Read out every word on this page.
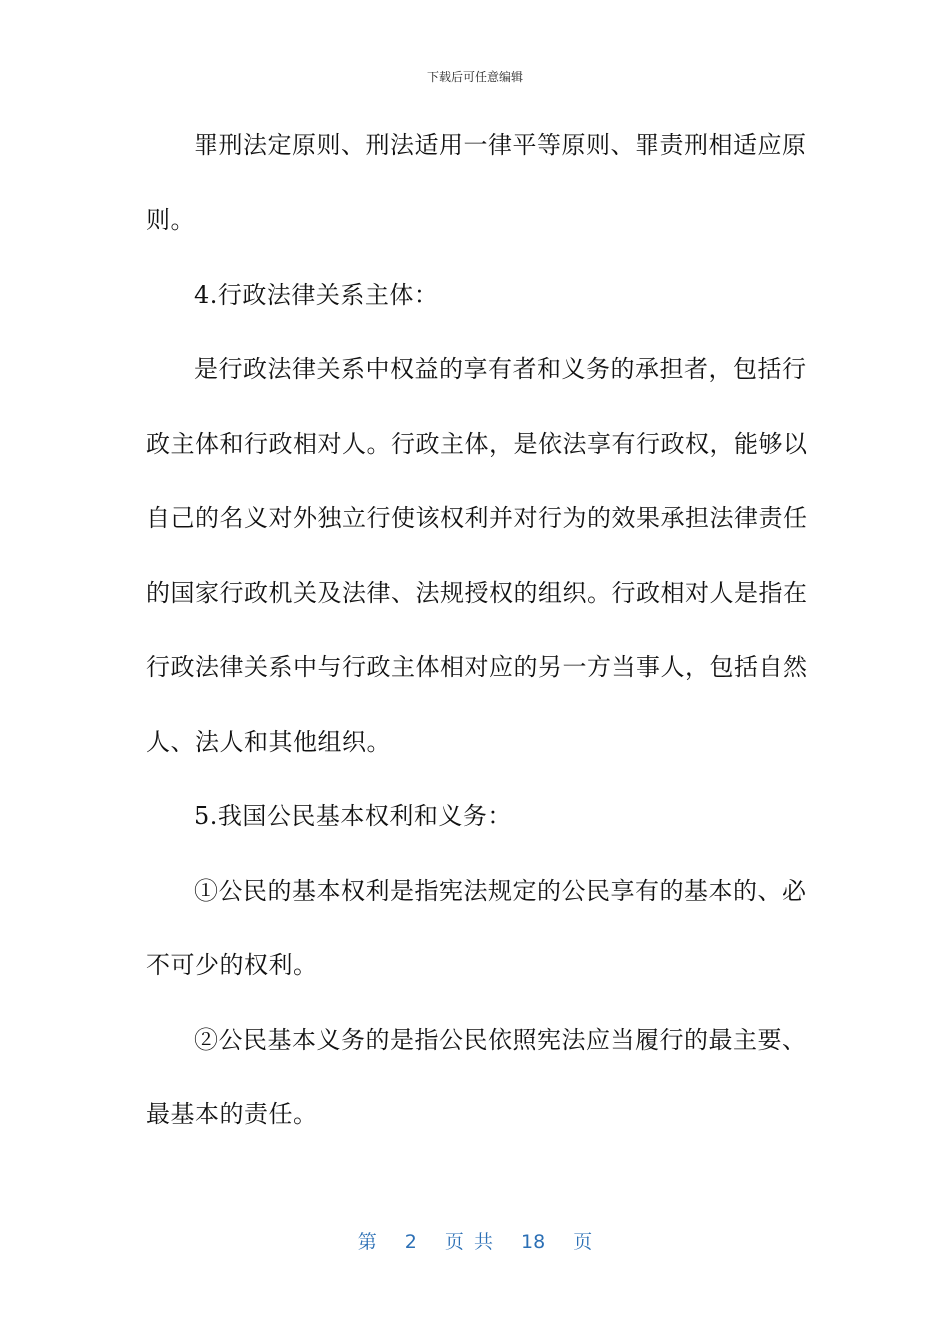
下载后可任意编辑
罪刑法定原则、刑法适用一律平等原则、罪责刑相适应原
则。
4.行政法律关系主体：
是行政法律关系中权益的享有者和义务的承担者，包括行
政主体和行政相对人。行政主体，是依法享有行政权，能够以
自己的名义对外独立行使该权利并对行为的效果承担法律责任
的国家行政机关及法律、法规授权的组织。行政相对人是指在
行政法律关系中与行政主体相对应的另一方当事人，包括自然
人、法人和其他组织。
5.我国公民基本权利和义务：
①公民的基本权利是指宪法规定的公民享有的基本的、必
不可少的权利。
②公民基本义务的是指公民依照宪法应当履行的最主要、
最基本的责任。
第 2 页 共 18 页
